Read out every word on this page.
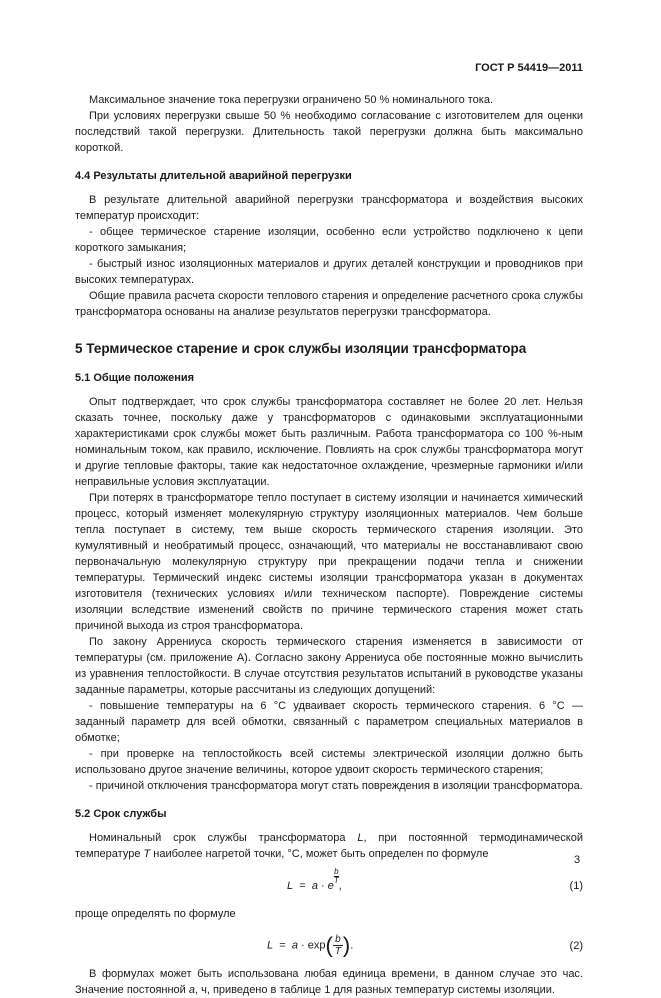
ГОСТ Р 54419—2011

Максимальное значение тока перегрузки ограничено 50 % номинального тока.

При условиях перегрузки свыше 50 % необходимо согласование с изготовителем для оценки последствий такой перегрузки. Длительность такой перегрузки должна быть максимально короткой.

4.4 Результаты длительной аварийной перегрузки

В результате длительной аварийной перегрузки трансформатора и воздействия высоких температур происходит:

- общее термическое старение изоляции, особенно если устройство подключено к цепи короткого замыкания;

- быстрый износ изоляционных материалов и других деталей конструкции и проводников при высоких температурах.

Общие правила расчета скорости теплового старения и определение расчетного срока службы трансформатора основаны на анализе результатов перегрузки трансформатора.

5 Термическое старение и срок службы изоляции трансформатора
5.1 Общие положения

Опыт подтверждает, что срок службы трансформатора составляет не более 20 лет. Нельзя сказать точнее, поскольку даже у трансформаторов с одинаковыми эксплуатационными характеристиками срок службы может быть различным. Работа трансформатора со 100 %-ным номинальным током, как правило, исключение. Повлиять на срок службы трансформатора могут и другие тепловые факторы, такие как недостаточное охлаждение, чрезмерные гармоники и/или неправильные условия эксплуатации.

При потерях в трансформаторе тепло поступает в систему изоляции и начинается химический процесс, который изменяет молекулярную структуру изоляционных материалов. Чем больше тепла поступает в систему, тем выше скорость термического старения изоляции. Это кумулятивный и необратимый процесс, означающий, что материалы не восстанавливают свою первоначальную молекулярную структуру при прекращении подачи тепла и снижении температуры. Термический индекс системы изоляции трансформатора указан в документах изготовителя (технических условиях и/или техническом паспорте). Повреждение системы изоляции вследствие изменений свойств по причине термического старения может стать причиной выхода из строя трансформатора.

По закону Аррениуса скорость термического старения изменяется в зависимости от температуры (см. приложение А). Согласно закону Аррениуса обе постоянные можно вычислить из уравнения теплостойкости. В случае отсутствия результатов испытаний в руководстве указаны заданные параметры, которые рассчитаны из следующих допущений:

- повышение температуры на 6 °С удваивает скорость термического старения. 6 °С — заданный параметр для всей обмотки, связанный с параметром специальных материалов в обмотке;

- при проверке на теплостойкость всей системы электрической изоляции должно быть использовано другое значение величины, которое удвоит скорость термического старения;

- причиной отключения трансформатора могут стать повреждения в изоляции трансформатора.

5.2 Срок службы

Номинальный срок службы трансформатора L, при постоянной термодинамической температуре T наиболее нагретой точки, °С, может быть определен по формуле

L = a · e
$\frac{b}{T}$,	(1)

проще определять по формуле

$L = a \cdot \exp( \frac{b}{T}$ ).	(2)

В формулах может быть использована любая единица времени, в данном случае это час. Значение постоянной a, ч, приведено в таблице 1 для разных температур системы изоляции.

3
